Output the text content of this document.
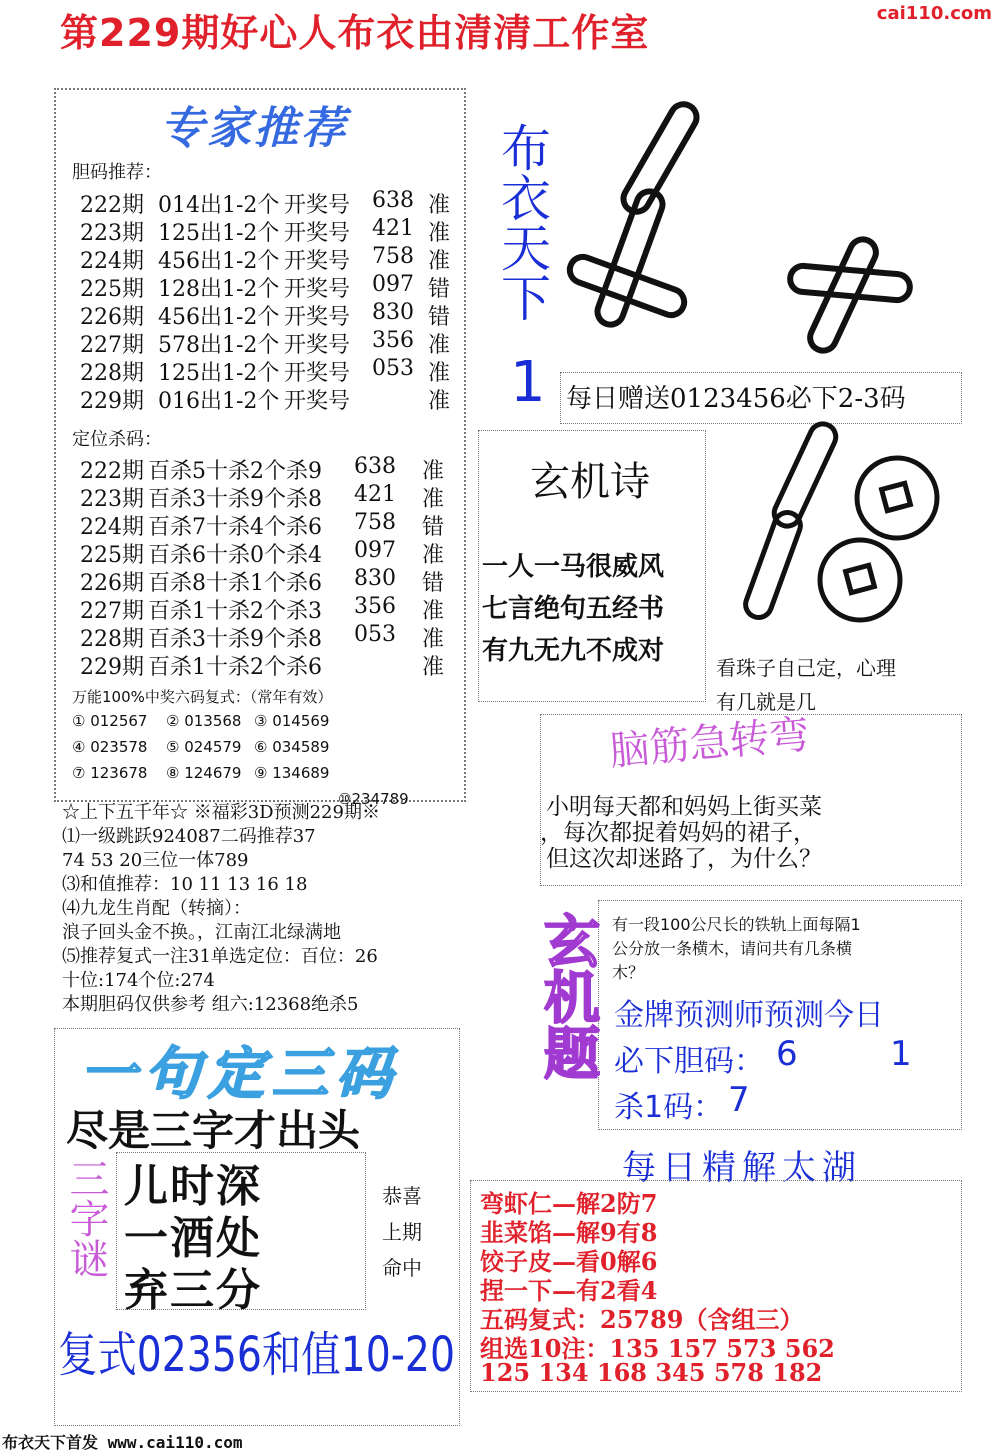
第229期好心人布衣由清清工作室	cai110.com
专家推荐
胆码推荐：
222期 014出1-2个 开奖号 638 准
223期 125出1-2个 开奖号 421 准
224期 456出1-2个 开奖号 758 准
225期 128出1-2个 开奖号 097 错
226期 456出1-2个 开奖号 830 错
227期 578出1-2个 开奖号 356 准
228期 125出1-2个 开奖号 053 准
229期 016出1-2个 开奖号	准
定位杀码：
222期 百杀5十杀2个杀9 638 准
223期 百杀3十杀9个杀8 421 准
224期 百杀7十杀4个杀6 758 错
225期 百杀6十杀0个杀4 097 准
226期 百杀8十杀1个杀6 830 错
227期 百杀1十杀2个杀3 356 准
228期 百杀3十杀9个杀8 053 准
229期 百杀1十杀2个杀6	准
万能100%中奖六码复式：（常年有效）
① 012567 ② 013568 ③ 014569
④ 023578 ⑤ 024579 ⑥ 034589
⑦ 123678 ⑧ 124679 ⑨ 134689
⑩234789
☆上下五千年☆ ※福彩3D预测229期※
⑴一级跳跃924087二码推荐37
74 53 20三位一体789
⑶和值推荐：10 11 13 16 18
⑷九龙生肖配（转摘）：
浪子回头金不换。，江南江北绿满地
⑸推荐复式一注31单选定位：百位：26
十位:174个位:274
本期胆码仅供参考 组六:12368绝杀5
布衣天下
1 每日赠送0123456必下2-3码
玄机诗
一人一马很威风
七言绝句五经书
有九无九不成对
看珠子自己定，心理
有几就是几
脑筋急转弯
小明每天都和妈妈上街买菜
，每次都捉着妈妈的裙子，
但这次却迷路了，为什么？
玄机题 有一段100公尺长的铁轨上面每隔1
公分放一条横木，请问共有几条横
木？
金牌预测师预测今日
必下胆码： 6	1
杀1码： 7
一句定三码
尽是三字才出头
三字谜 儿时深
一酒处
弃三分
恭喜
上期
命中
复式02356和值10-20
每日精解太湖
弯虾仁—解2防7
韭菜馅—解9有8
饺子皮—看0解6
捏一下—有2看4
五码复式：25789（含组三）
组选10注：135 157 573 562
125 134 168 345 578 182
布衣天下首发 www.cai110.com
